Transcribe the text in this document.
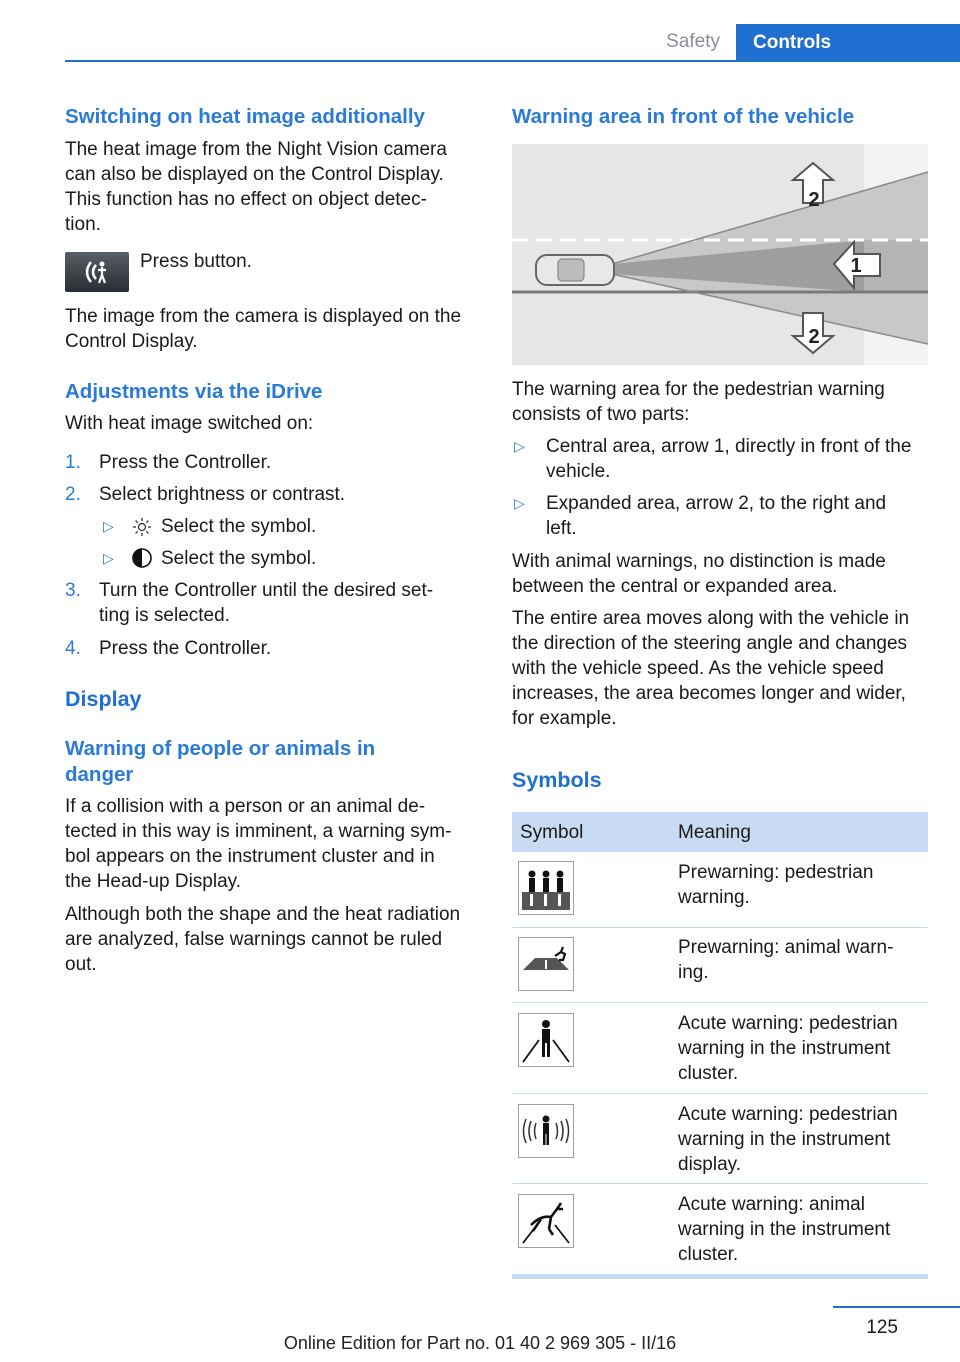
Safety	Controls
Switching on heat image additionally
The heat image from the Night Vision camera
can also be displayed on the Control Display.
This function has no effect on object detec-
tion.
Press button.
The image from the camera is displayed on the
Control Display.
Adjustments via the iDrive
With heat image switched on:
1. Press the Controller.
2. Select brightness or contrast.
▷ Select the symbol.
▷ Select the symbol.
3. Turn the Controller until the desired set-
ting is selected.
4. Press the Controller.
Display
Warning of people or animals in
danger
If a collision with a person or an animal de-
tected in this way is imminent, a warning sym-
bol appears on the instrument cluster and in
the Head-up Display.
Although both the shape and the heat radiation
are analyzed, false warnings cannot be ruled
out.
Warning area in front of the vehicle
2
1
2
The warning area for the pedestrian warning
consists of two parts:
▷ Central area, arrow 1, directly in front of the
vehicle.
▷ Expanded area, arrow 2, to the right and
left.
With animal warnings, no distinction is made
between the central or expanded area.
The entire area moves along with the vehicle in
the direction of the steering angle and changes
with the vehicle speed. As the vehicle speed
increases, the area becomes longer and wider,
for example.
Symbols
Symbol	Meaning
Prewarning: pedestrian
warning.
Prewarning: animal warn-
ing.
Acute warning: pedestrian
warning in the instrument
cluster.
Acute warning: pedestrian
warning in the instrument
display.
Acute warning: animal
warning in the instrument
cluster.
125
Online Edition for Part no. 01 40 2 969 305 - II/16
